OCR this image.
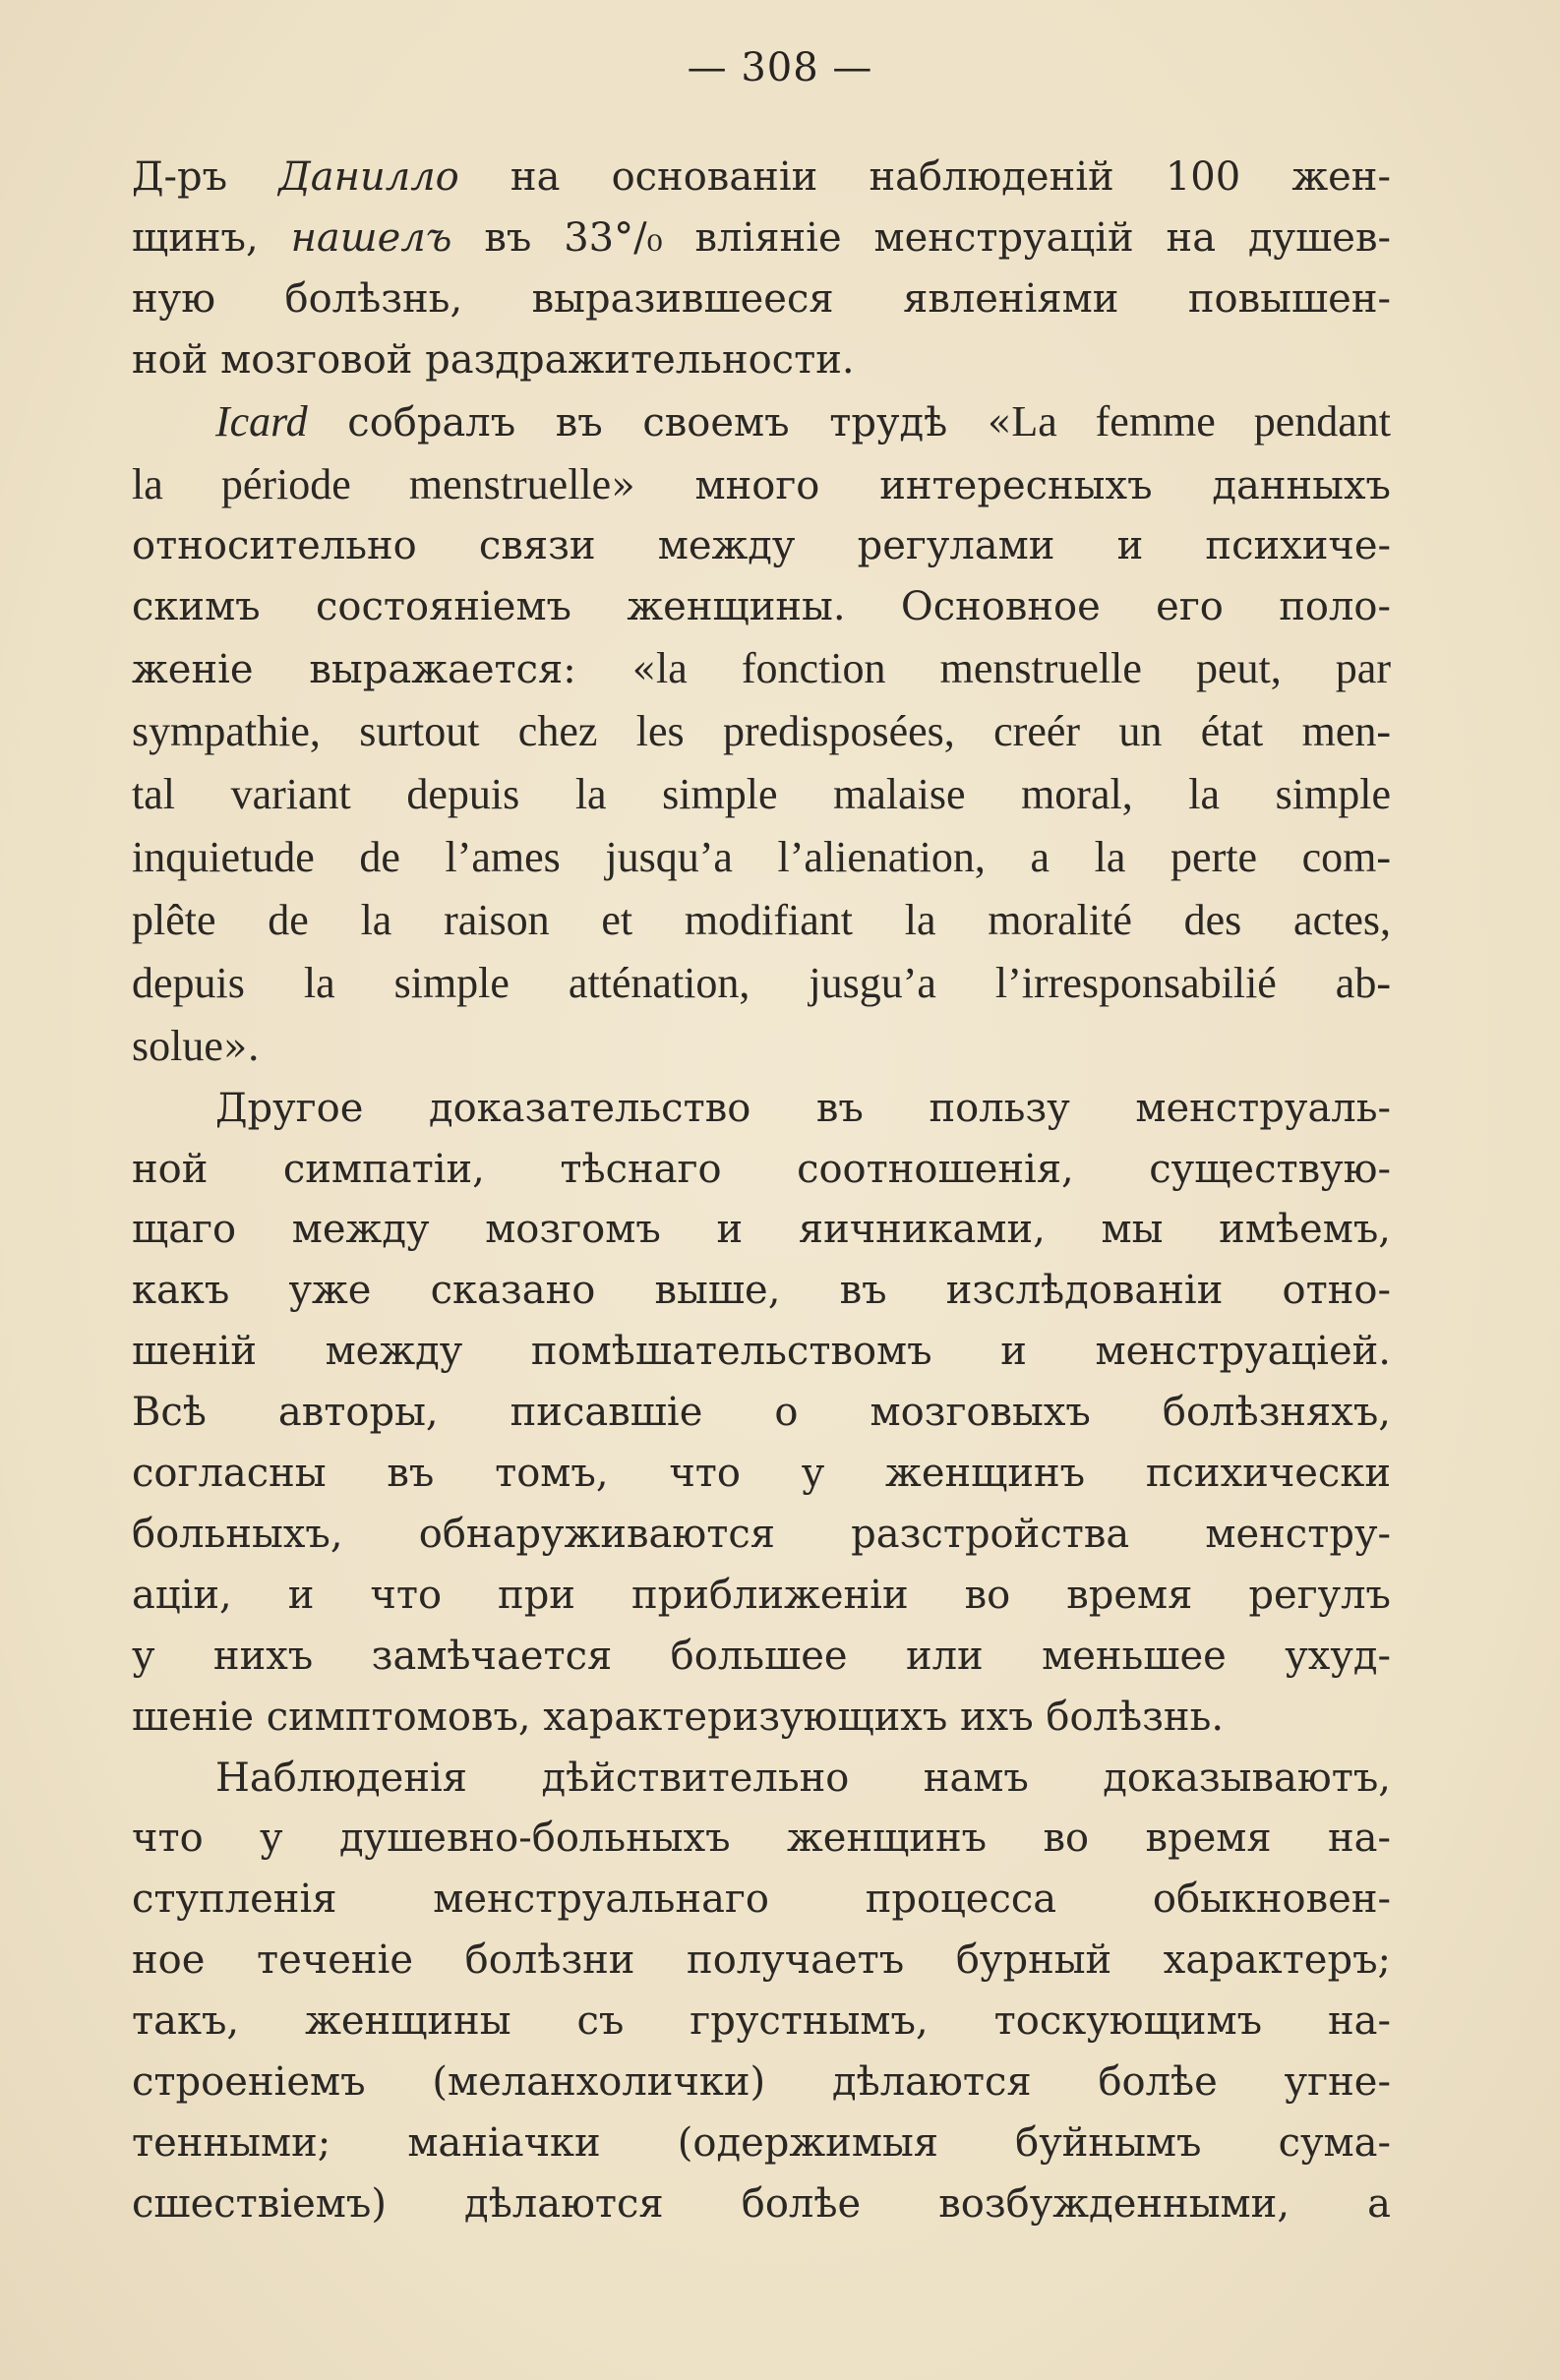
— 308 —

Д-ръ Данилло на основаніи наблюденій 100 жен-

щинъ, нашелъ въ 33°/₀ вліяніе менструацій на душев-

ную болѣзнь, выразившееся явленіями повышен-

ной мозговой раздражительности.

Icard собралъ въ своемъ трудѣ «La femme pendant

la période menstruelle» много интересныхъ данныхъ

относительно связи между регулами и психиче-

скимъ состояніемъ женщины. Основное его поло-

женіе выражается: «la fonction menstruelle peut, par

sympathie, surtout chez les predisposées, creér un état men-

tal variant depuis la simple malaise moral, la simple

inquietude de l’ames jusqu’a l’alienation, a la perte com-

plête de la raison et modifiant la moralité des actes,

depuis la simple atténation, jusgu’a l’irresponsabilié ab-

solue».

Другое доказательство въ пользу менструаль-

ной симпатіи, тѣснаго соотношенія, существую-

щаго между мозгомъ и яичниками, мы имѣемъ,

какъ уже сказано выше, въ изслѣдованіи отно-

шеній между помѣшательствомъ и менструаціей.

Всѣ авторы, писавшіе о мозговыхъ болѣзняхъ,

согласны въ томъ, что у женщинъ психически

больныхъ, обнаруживаются разстройства менстру-

аціи, и что при приближеніи во время регулъ

у нихъ замѣчается большее или меньшее ухуд-

шеніе симптомовъ, характеризующихъ ихъ болѣзнь.

Наблюденія дѣйствительно намъ доказываютъ,

что у душевно-больныхъ женщинъ во время на-

ступленія менструальнаго процесса обыкновен-

ное теченіе болѣзни получаетъ бурный характеръ;

такъ, женщины съ грустнымъ, тоскующимъ на-

строеніемъ (меланхолички) дѣлаются болѣе угне-

тенными; маніачки (одержимыя буйнымъ сума-

сшествіемъ) дѣлаются болѣе возбужденными, а
